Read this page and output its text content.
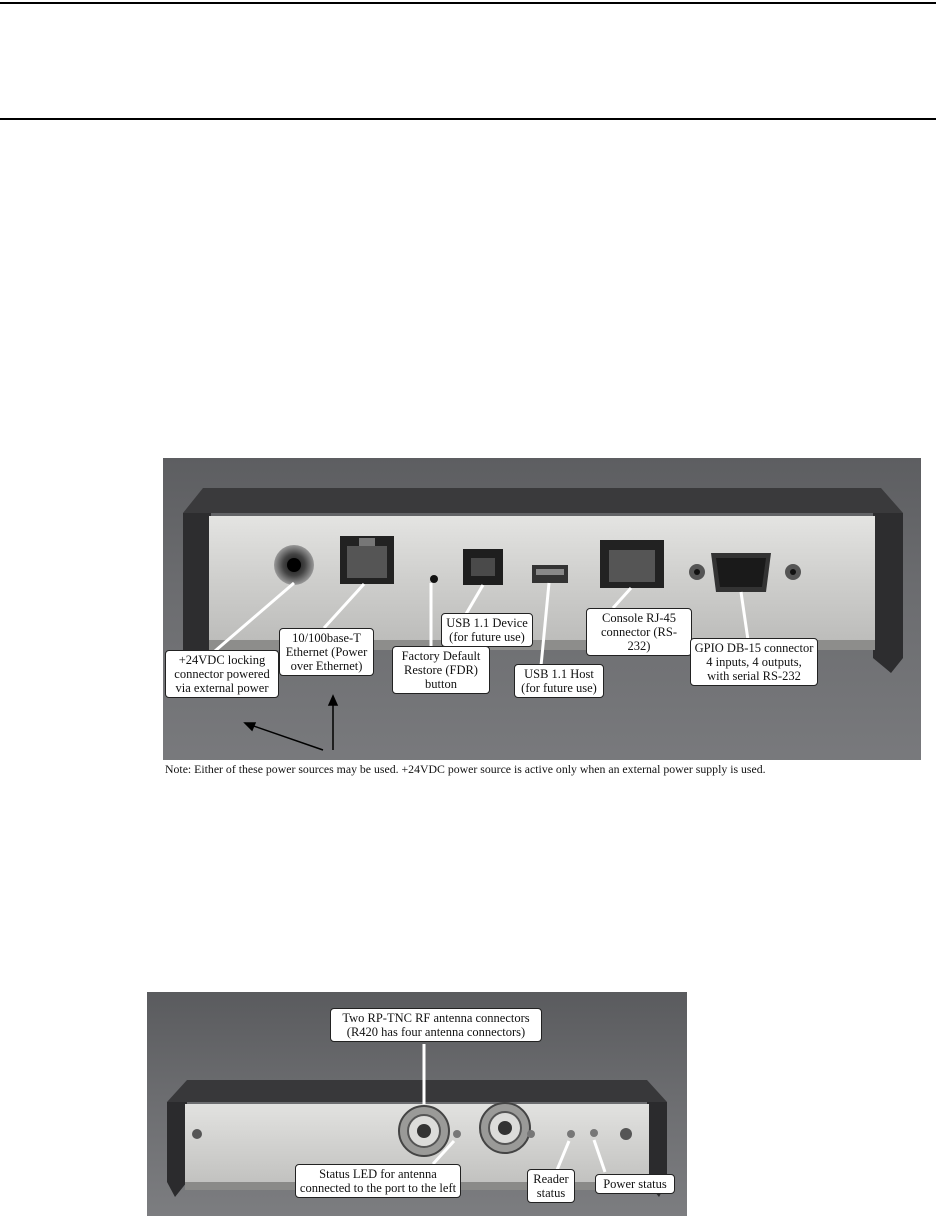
+24VDC locking connector powered via external power
10/100base-T Ethernet (Power over Ethernet)
Factory Default Restore (FDR) button
USB 1.1 Device (for future use)
USB 1.1 Host (for future use)
Console RJ-45 connector (RS-232)	GPIO DB-15 connector 4 inputs, 4 outputs, with serial RS-232
Note: Either of these power sources may be used. +24VDC power source is active only when an external power supply is used.
Two RP-TNC RF antenna connectors (R420 has four antenna connectors)
Status LED for antenna connected to the port to the left
Reader status
Power status
